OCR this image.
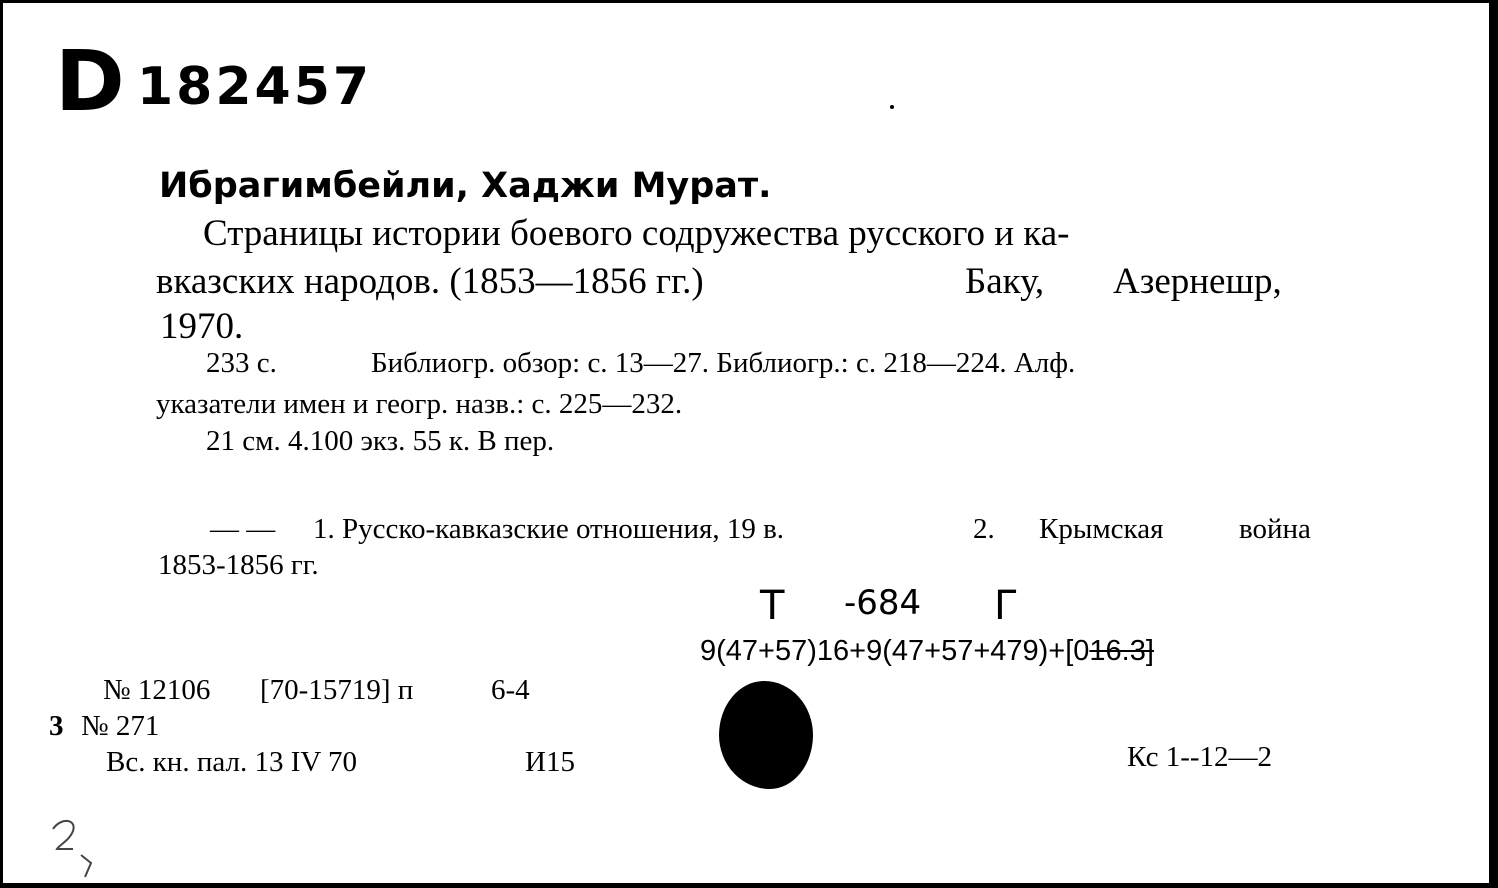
D 182457
Ибрагимбейли, Хаджи Мурат.
Страницы истории боевого содружества русского и ка-
вказских народов. (1853—1856 гг.)	Баку, Азернешр,
1970.
233 с.	Библиогр. обзор: с. 13—27. Библиогр.: с. 218—224. Алф.
указатели имен и геогр. назв.: с. 225—232.
21 см. 4.100 экз. 55 к. В пер.
— — 1. Русско-кавказские отношения, 19 в.	2. Крымская	война
1853-1856 гг.
Т -684 Г
9(47+57)16+9(47+57+479)+[016.3]
№ 12106 [70-15719] п	6-4
3 № 271
Вс. кн. пал. 13 IV 70	И15	Кс 1--12—2
